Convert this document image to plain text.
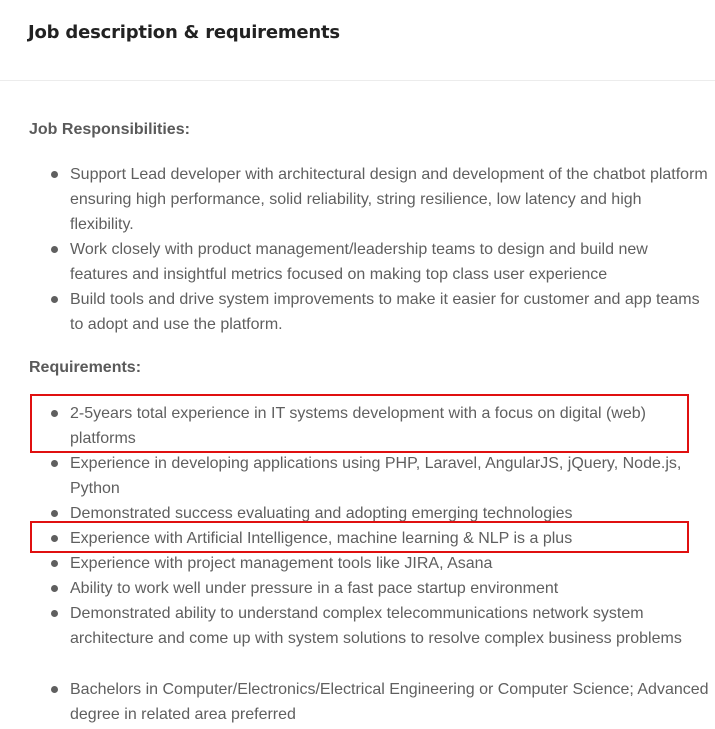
Job description & requirements
Job Responsibilities:
Support Lead developer with architectural design and development of the chatbot platform ensuring high performance, solid reliability, string resilience, low latency and high flexibility.
Work closely with product management/leadership teams to design and build new features and insightful metrics focused on making top class user experience
Build tools and drive system improvements to make it easier for customer and app teams to adopt and use the platform.
Requirements:
2-5years total experience in IT systems development with a focus on digital (web) platforms
Experience in developing applications using PHP, Laravel, AngularJS, jQuery, Node.js, Python
Demonstrated success evaluating and adopting emerging technologies
Experience with Artificial Intelligence, machine learning & NLP is a plus
Experience with project management tools like JIRA, Asana
Ability to work well under pressure in a fast pace startup environment
Demonstrated ability to understand complex telecommunications network system architecture and come up with system solutions to resolve complex business problems
Bachelors in Computer/Electronics/Electrical Engineering or Computer Science; Advanced degree in related area preferred
